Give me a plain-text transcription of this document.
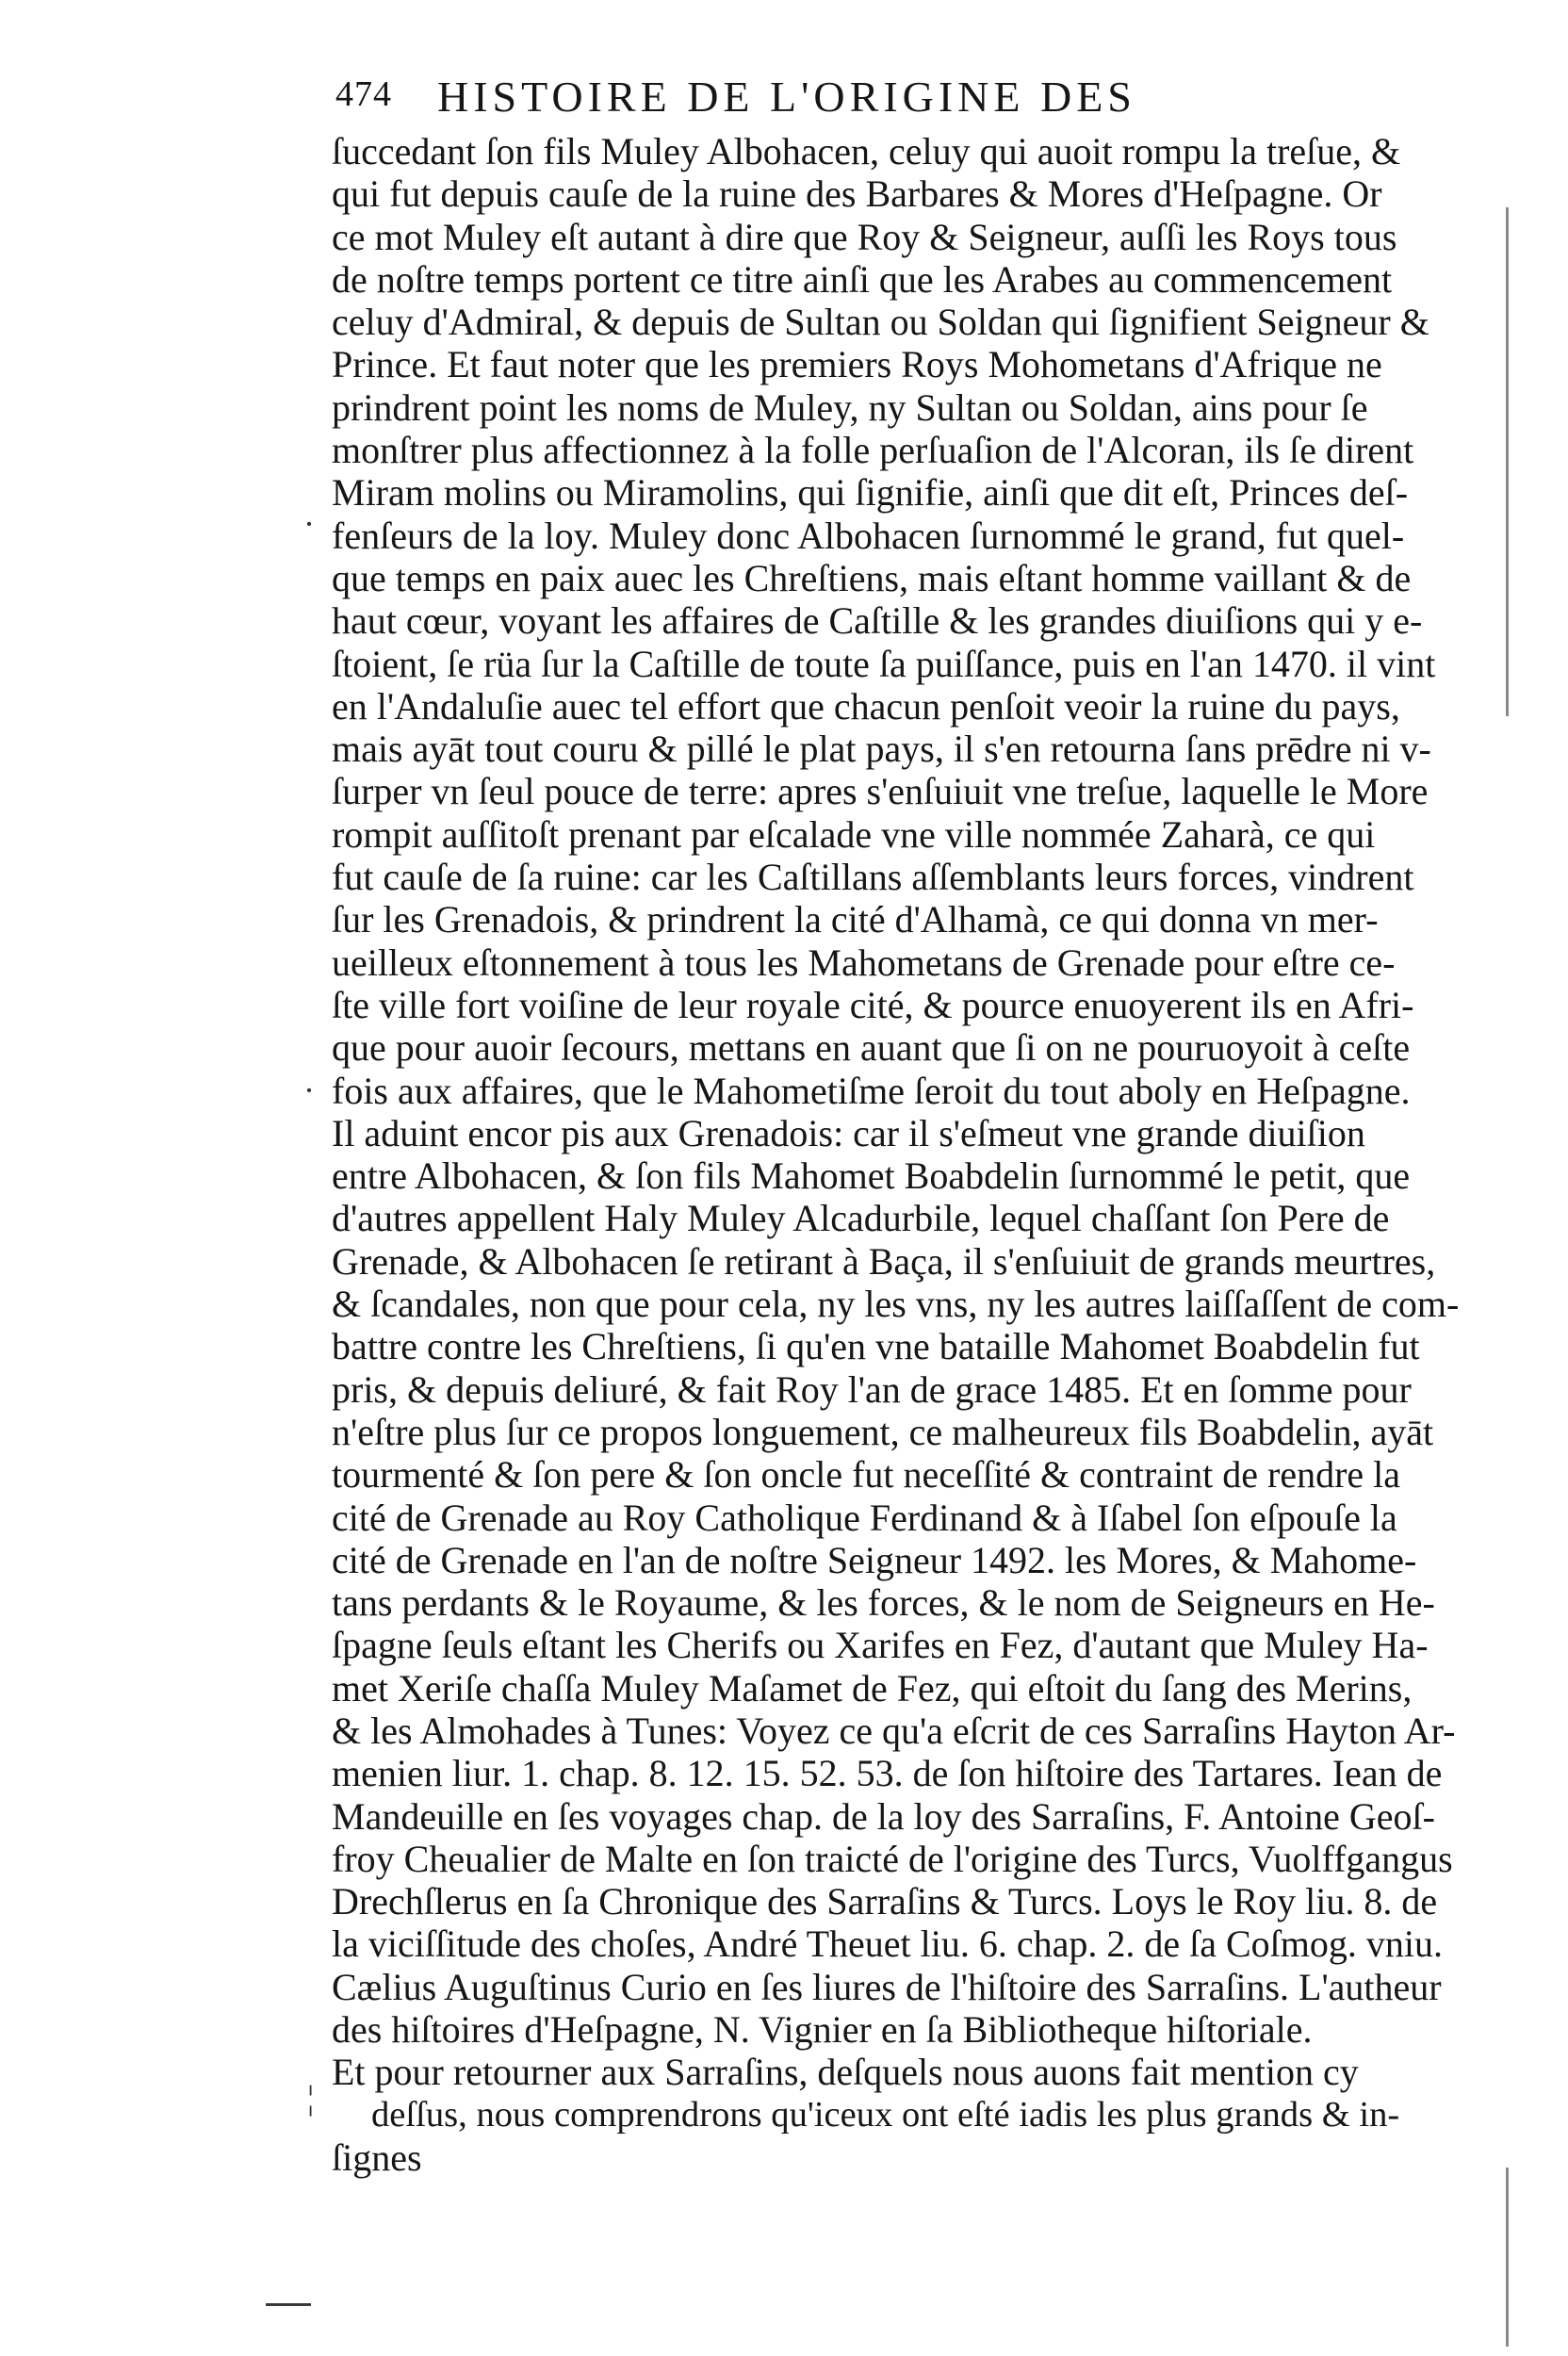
474 HISTOIRE DE L'ORIGINE DES
ſuccedant ſon fils Muley Albohacen, celuy qui auoit rompu la treſue, &
qui fut depuis cauſe de la ruine des Barbares & Mores d'Heſpagne. Or
ce mot Muley eſt autant à dire que Roy & Seigneur, auſſi les Roys tous
de noſtre temps portent ce titre ainſi que les Arabes au commencement
celuy d'Admiral, & depuis de Sultan ou Soldan qui ſignifient Seigneur &
Prince. Et faut noter que les premiers Roys Mohometans d'Afrique ne
prindrent point les noms de Muley, ny Sultan ou Soldan, ains pour ſe
monſtrer plus affectionnez à la folle perſuaſion de l'Alcoran, ils ſe dirent
Miram molins ou Miramolins, qui ſignifie, ainſi que dit eſt, Princes deſ-
fenſeurs de la loy. Muley donc Albohacen ſurnommé le grand, fut quel-
que temps en paix auec les Chreſtiens, mais eſtant homme vaillant & de
haut cœur, voyant les affaires de Caſtille & les grandes diuiſions qui y e-
ſtoient, ſe rüa ſur la Caſtille de toute ſa puiſſance, puis en l'an 1470. il vint
en l'Andaluſie auec tel effort que chacun penſoit veoir la ruine du pays,
mais ayāt tout couru & pillé le plat pays, il s'en retourna ſans prēdre ni v-
ſurper vn ſeul pouce de terre: apres s'enſuiuit vne treſue, laquelle le More
rompit auſſitoſt prenant par eſcalade vne ville nommée Zaharà, ce qui
fut cauſe de ſa ruine: car les Caſtillans aſſemblants leurs forces, vindrent
ſur les Grenadois, & prindrent la cité d'Alhamà, ce qui donna vn mer-
ueilleux eſtonnement à tous les Mahometans de Grenade pour eſtre ce-
ſte ville fort voiſine de leur royale cité, & pource enuoyerent ils en Afri-
que pour auoir ſecours, mettans en auant que ſi on ne pouruoyoit à ceſte
fois aux affaires, que le Mahometiſme ſeroit du tout aboly en Heſpagne.
Il aduint encor pis aux Grenadois: car il s'eſmeut vne grande diuiſion
entre Albohacen, & ſon fils Mahomet Boabdelin ſurnommé le petit, que
d'autres appellent Haly Muley Alcadurbile, lequel chaſſant ſon Pere de
Grenade, & Albohacen ſe retirant à Baça, il s'enſuiuit de grands meurtres,
& ſcandales, non que pour cela, ny les vns, ny les autres laiſſaſſent de com-
battre contre les Chreſtiens, ſi qu'en vne bataille Mahomet Boabdelin fut
pris, & depuis deliuré, & fait Roy l'an de grace 1485. Et en ſomme pour
n'eſtre plus ſur ce propos longuement, ce malheureux fils Boabdelin, ayāt
tourmenté & ſon pere & ſon oncle fut neceſſité & contraint de rendre la
cité de Grenade au Roy Catholique Ferdinand & à Iſabel ſon eſpouſe la
cité de Grenade en l'an de noſtre Seigneur 1492. les Mores, & Mahome-
tans perdants & le Royaume, & les forces, & le nom de Seigneurs en He-
ſpagne ſeuls eſtant les Cherifs ou Xarifes en Fez, d'autant que Muley Ha-
met Xeriſe chaſſa Muley Maſamet de Fez, qui eſtoit du ſang des Merins,
& les Almohades à Tunes: Voyez ce qu'a eſcrit de ces Sarraſins Hayton Ar-
menien liur. 1. chap. 8. 12. 15. 52. 53. de ſon hiſtoire des Tartares. Iean de
Mandeuille en ſes voyages chap. de la loy des Sarraſins, F. Antoine Geoſ-
froy Cheualier de Malte en ſon traicté de l'origine des Turcs, Vuolffgangus
Drechſlerus en ſa Chronique des Sarraſins & Turcs. Loys le Roy liu. 8. de
la viciſſitude des choſes, André Theuet liu. 6. chap. 2. de ſa Coſmog. vniu.
Cælius Auguſtinus Curio en ſes liures de l'hiſtoire des Sarraſins. L'autheur
des hiſtoires d'Heſpagne, N. Vignier en ſa Bibliotheque hiſtoriale.
Et pour retourner aux Sarraſins, deſquels nous auons fait mention cy
deſſus, nous comprendrons qu'iceux ont eſté iadis les plus grands & in-
ſignes
·
·
¦
